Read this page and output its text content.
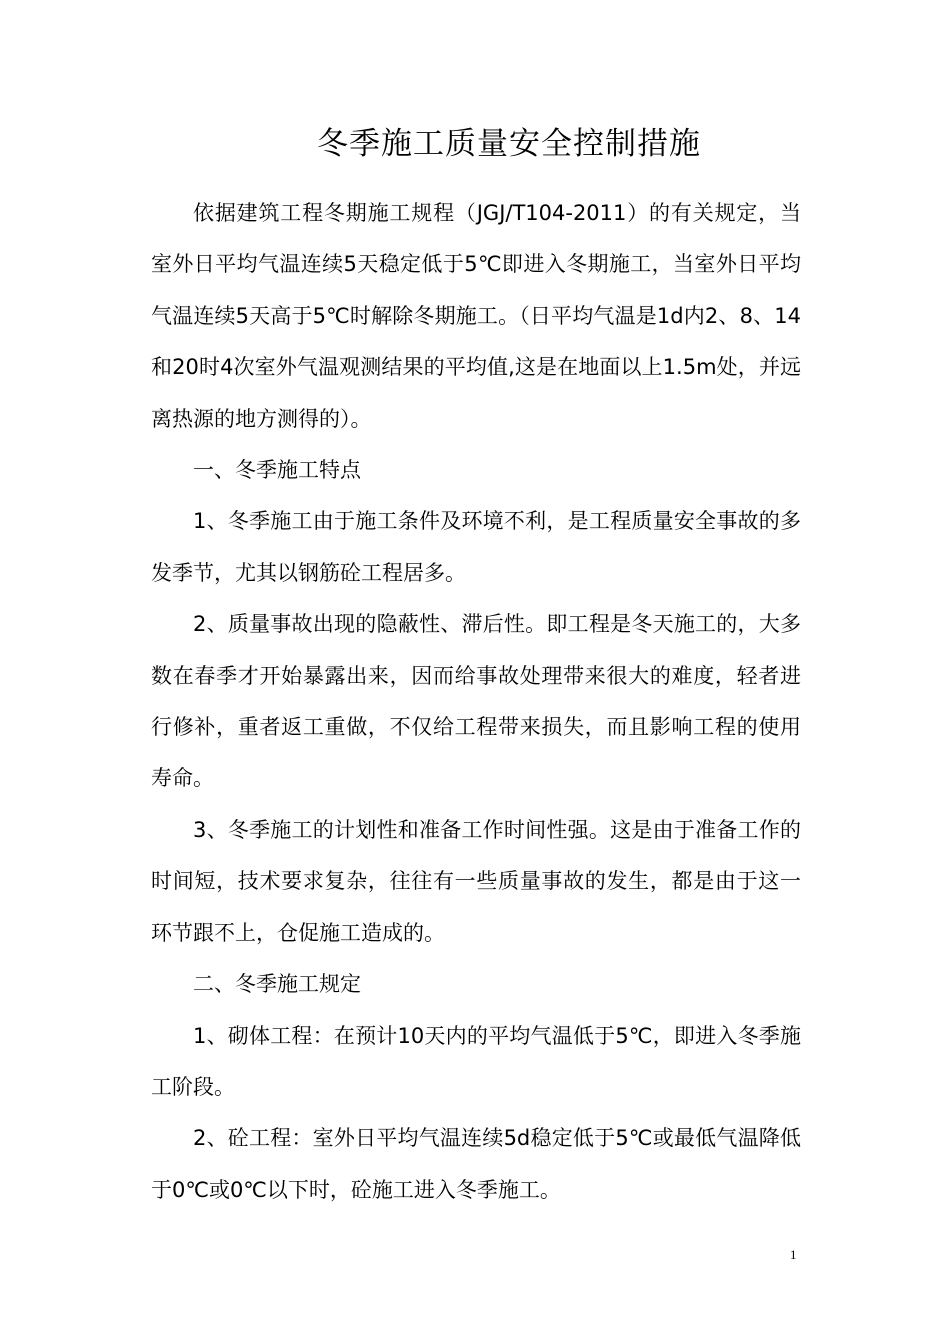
冬季施工质量安全控制措施

依据建筑工程冬期施工规程（JGJ/T104-2011）的有关规定，当室外日平均气温连续5天稳定低于5℃即进入冬期施工，当室外日平均气温连续5天高于5℃时解除冬期施工。（日平均气温是1d内2、8、14和20时4次室外气温观测结果的平均值,这是在地面以上1.5m处，并远离热源的地方测得的）。

一、冬季施工特点

1、冬季施工由于施工条件及环境不利，是工程质量安全事故的多发季节，尤其以钢筋砼工程居多。

2、质量事故出现的隐蔽性、滞后性。即工程是冬天施工的，大多数在春季才开始暴露出来，因而给事故处理带来很大的难度，轻者进行修补，重者返工重做，不仅给工程带来损失，而且影响工程的使用寿命。

3、冬季施工的计划性和准备工作时间性强。这是由于准备工作的时间短，技术要求复杂，往往有一些质量事故的发生，都是由于这一环节跟不上，仓促施工造成的。

二、冬季施工规定

1、砌体工程：在预计10天内的平均气温低于5℃，即进入冬季施工阶段。

2、砼工程：室外日平均气温连续5d稳定低于5℃或最低气温降低于0℃或0℃以下时，砼施工进入冬季施工。

1
